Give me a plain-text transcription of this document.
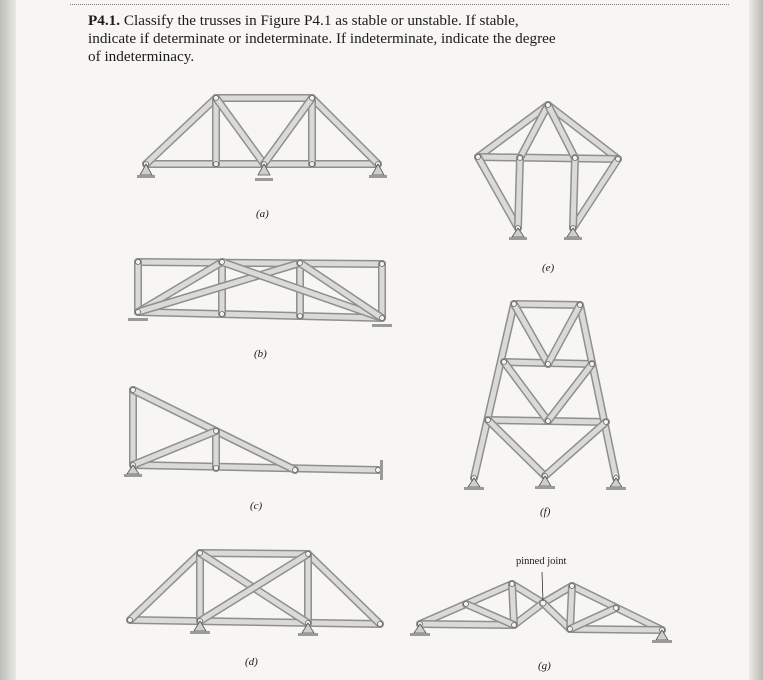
P4.1. Classify the trusses in Figure P4.1 as stable or unstable. If stable, indicate if determinate or indeterminate. If indeterminate, indicate the degree of indeterminacy.
(a)
(b)
(c)
(d)
(e)
(f)
(g)
pinned joint
